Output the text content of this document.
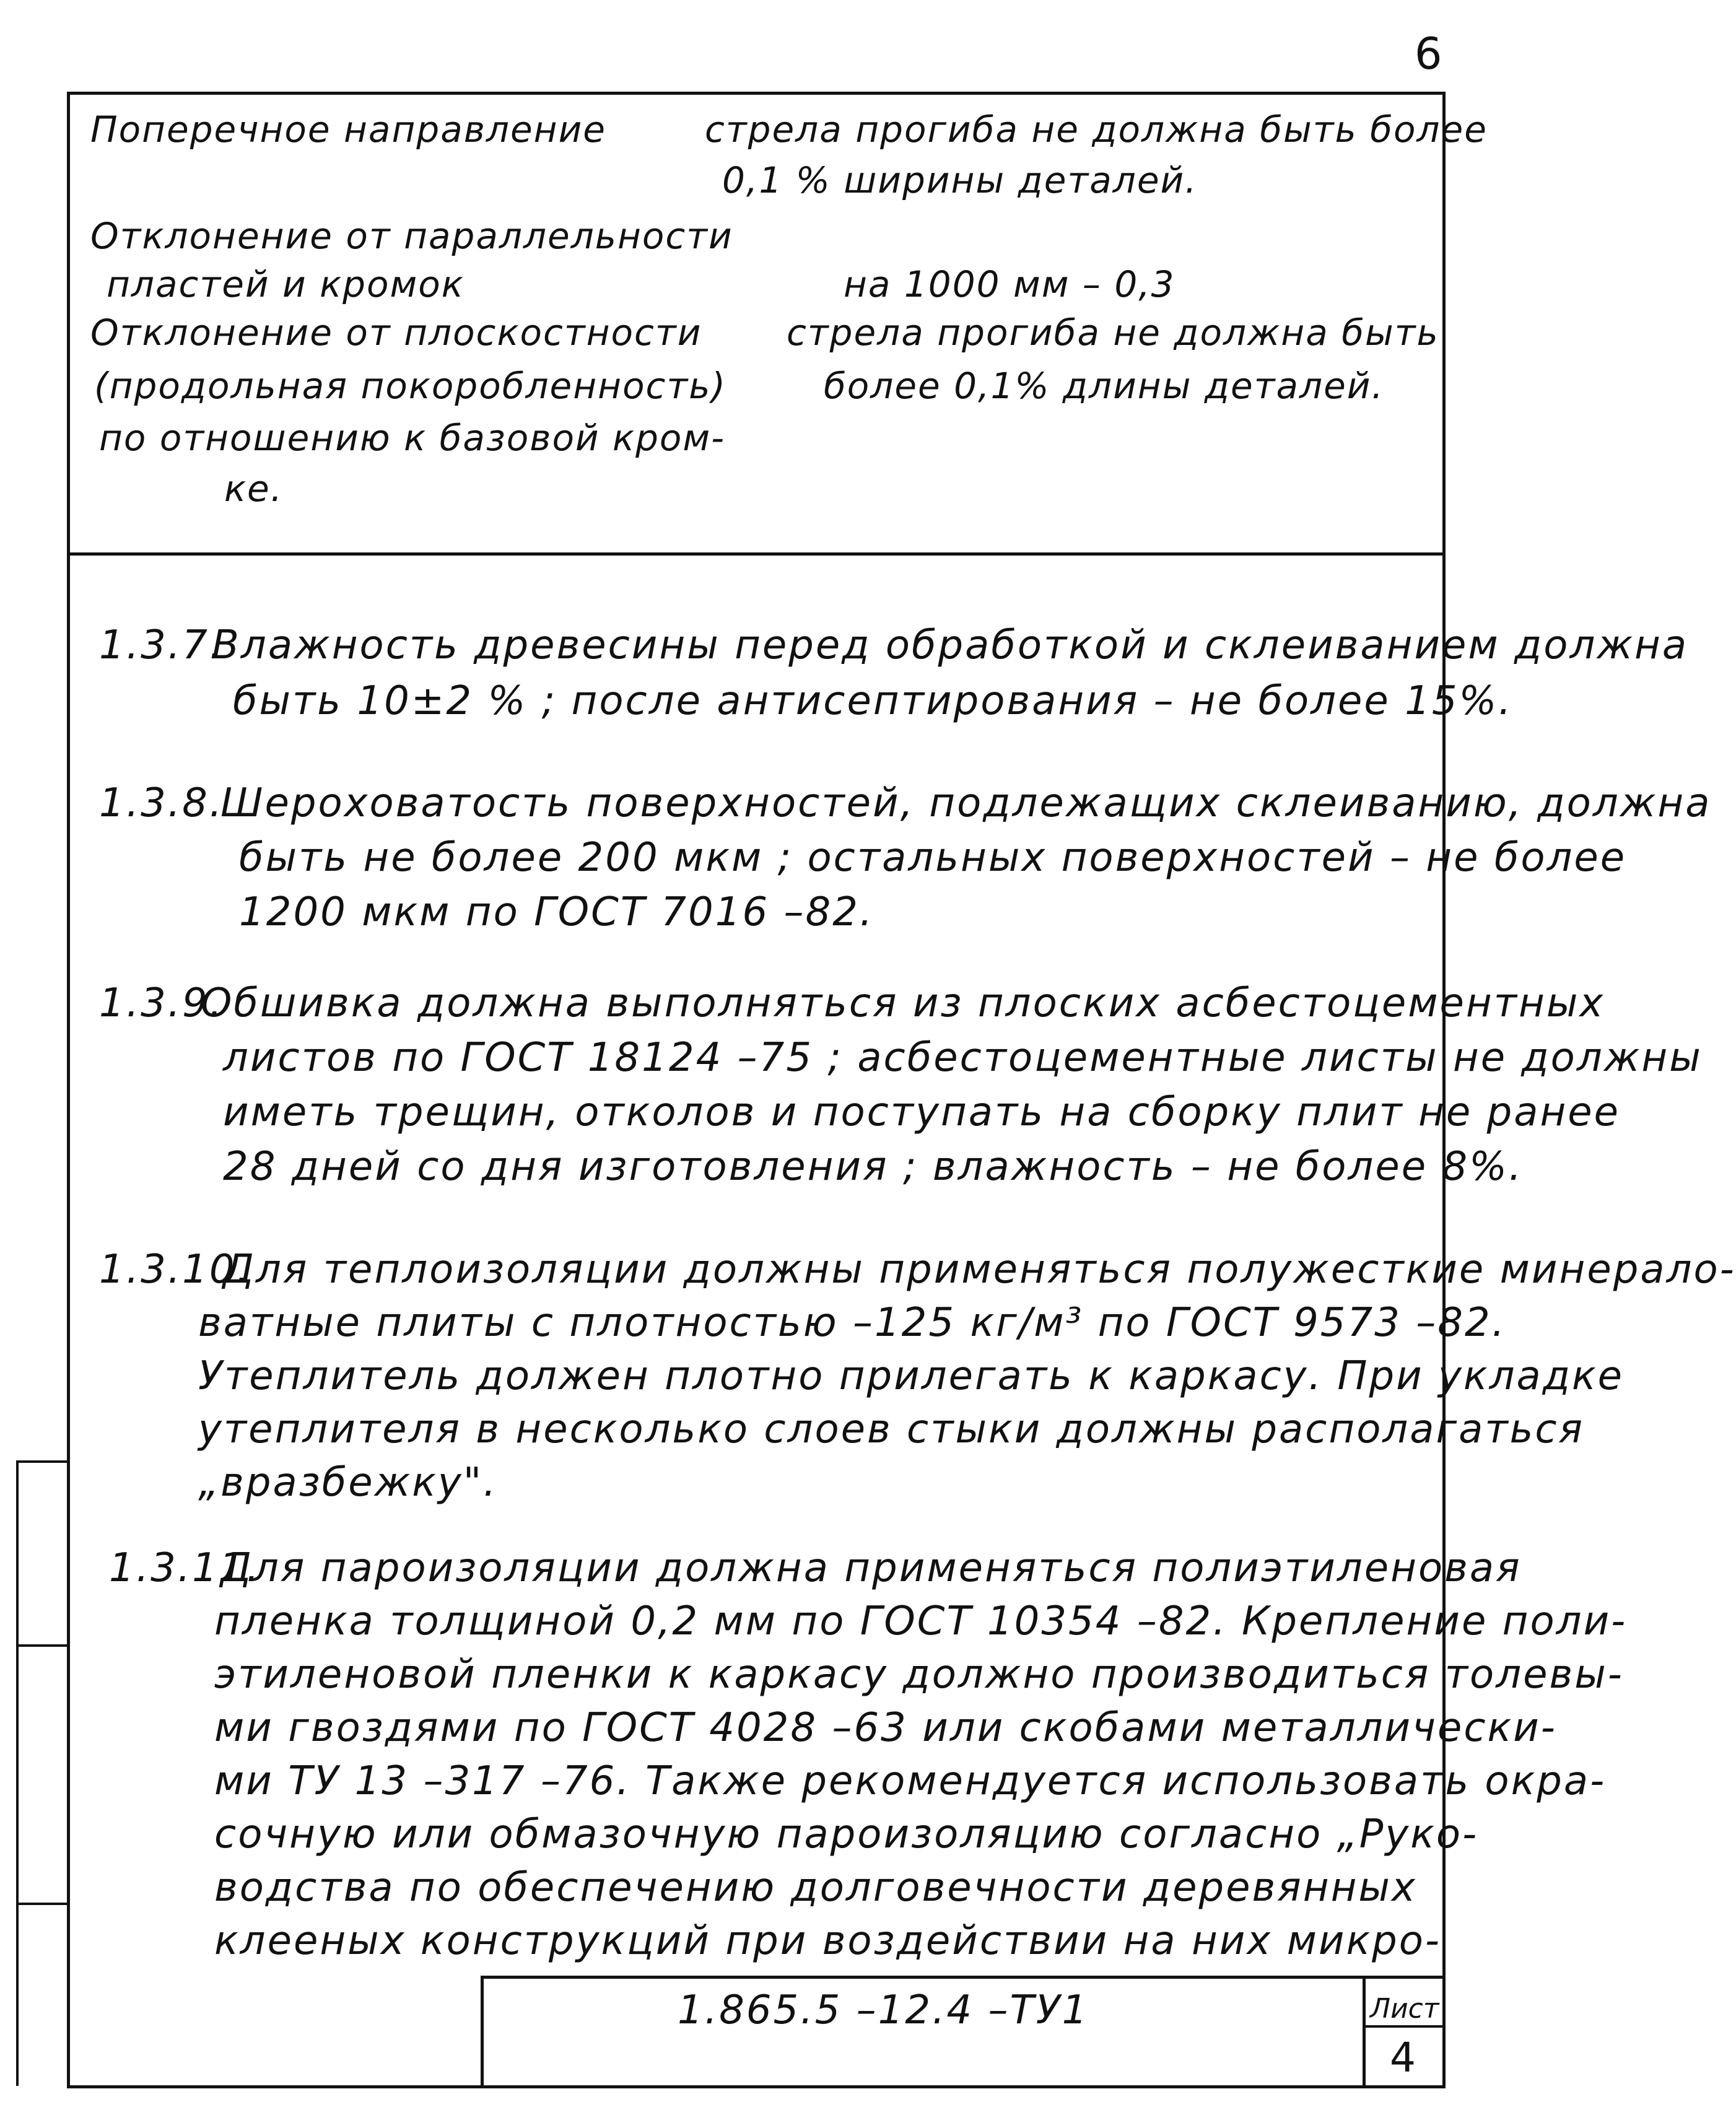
6
Поперечное направление
Отклонение от параллельности
пластей и кромок
Отклонение от плоскостности
(продольная покоробленность)
по отношению к базовой кром-
ке.
стрела прогиба не должна быть более
0,1 % ширины деталей.
на 1000 мм – 0,3
стрела прогиба не должна быть
более 0,1% длины деталей.
1.3.7.
Влажность древесины перед обработкой и склеиванием должна
быть 10±2 % ; после антисептирования – не более 15%.
1.3.8.
Шероховатость поверхностей, подлежащих склеиванию, должна
быть не более 200 мкм ; остальных поверхностей – не более
1200 мкм по ГОСТ 7016 –82.
1.3.9.
Обшивка должна выполняться из плоских асбестоцементных
листов по ГОСТ 18124 –75 ; асбестоцементные листы не должны
иметь трещин, отколов и поступать на сборку плит не ранее
28 дней со дня изготовления ; влажность – не более 8%.
1.3.10.
Для теплоизоляции должны применяться полужесткие минерало-
ватные плиты с плотностью –125 кг/м³ по ГОСТ 9573 –82.
Утеплитель должен плотно прилегать к каркасу. При укладке
утеплителя в несколько слоев стыки должны располагаться
„вразбежку".
1.3.11.
Для пароизоляции должна применяться полиэтиленовая
пленка толщиной 0,2 мм по ГОСТ 10354 –82. Крепление поли-
этиленовой пленки к каркасу должно производиться толевы-
ми гвоздями по ГОСТ 4028 –63 или скобами металлически-
ми ТУ 13 –317 –76. Также рекомендуется использовать окра-
сочную или обмазочную пароизоляцию согласно „Руко-
водства по обеспечению долговечности деревянных
клееных конструкций при воздействии на них микро-
1.865.5 –12.4 –ТУ1	Лист
4
